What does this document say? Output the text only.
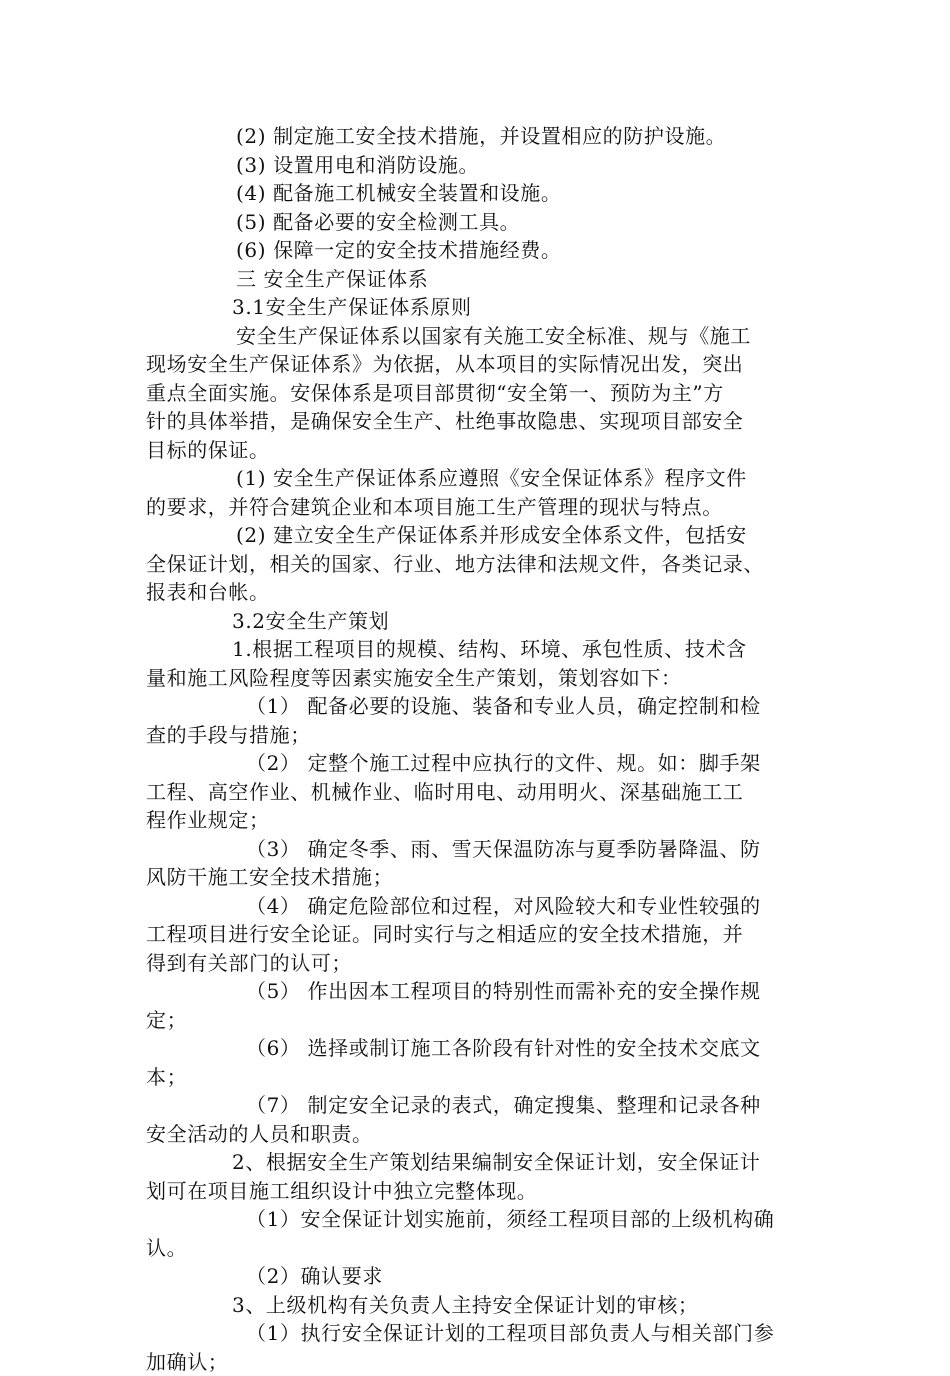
(2) 制定施工安全技术措施，并设置相应的防护设施。
(3) 设置用电和消防设施。
(4) 配备施工机械安全装置和设施。
(5) 配备必要的安全检测工具。
(6) 保障一定的安全技术措施经费。
三 安全生产保证体系
3.1安全生产保证体系原则
安全生产保证体系以国家有关施工安全标准、规与《施工
现场安全生产保证体系》为依据，从本项目的实际情况出发，突出
重点全面实施。安保体系是项目部贯彻“安全第一、预防为主”方
针的具体举措，是确保安全生产、杜绝事故隐患、实现项目部安全
目标的保证。
(1) 安全生产保证体系应遵照《安全保证体系》程序文件
的要求，并符合建筑企业和本项目施工生产管理的现状与特点。
(2) 建立安全生产保证体系并形成安全体系文件，包括安
全保证计划，相关的国家、行业、地方法律和法规文件，各类记录、
报表和台帐。
3.2安全生产策划
1.根据工程项目的规模、结构、环境、承包性质、技术含
量和施工风险程度等因素实施安全生产策划，策划容如下：
（1） 配备必要的设施、装备和专业人员，确定控制和检
查的手段与措施；
（2） 定整个施工过程中应执行的文件、规。如：脚手架
工程、高空作业、机械作业、临时用电、动用明火、深基础施工工
程作业规定；
（3） 确定冬季、雨、雪天保温防冻与夏季防暑降温、防
风防干施工安全技术措施；
（4） 确定危险部位和过程，对风险较大和专业性较强的
工程项目进行安全论证。同时实行与之相适应的安全技术措施，并
得到有关部门的认可；
（5） 作出因本工程项目的特别性而需补充的安全操作规
定；
（6） 选择或制订施工各阶段有针对性的安全技术交底文
本；
（7） 制定安全记录的表式，确定搜集、整理和记录各种
安全活动的人员和职责。
2、根据安全生产策划结果编制安全保证计划，安全保证计
划可在项目施工组织设计中独立完整体现。
（1）安全保证计划实施前，须经工程项目部的上级机构确
认。
（2）确认要求
3、上级机构有关负责人主持安全保证计划的审核；
（1）执行安全保证计划的工程项目部负责人与相关部门参
加确认；
